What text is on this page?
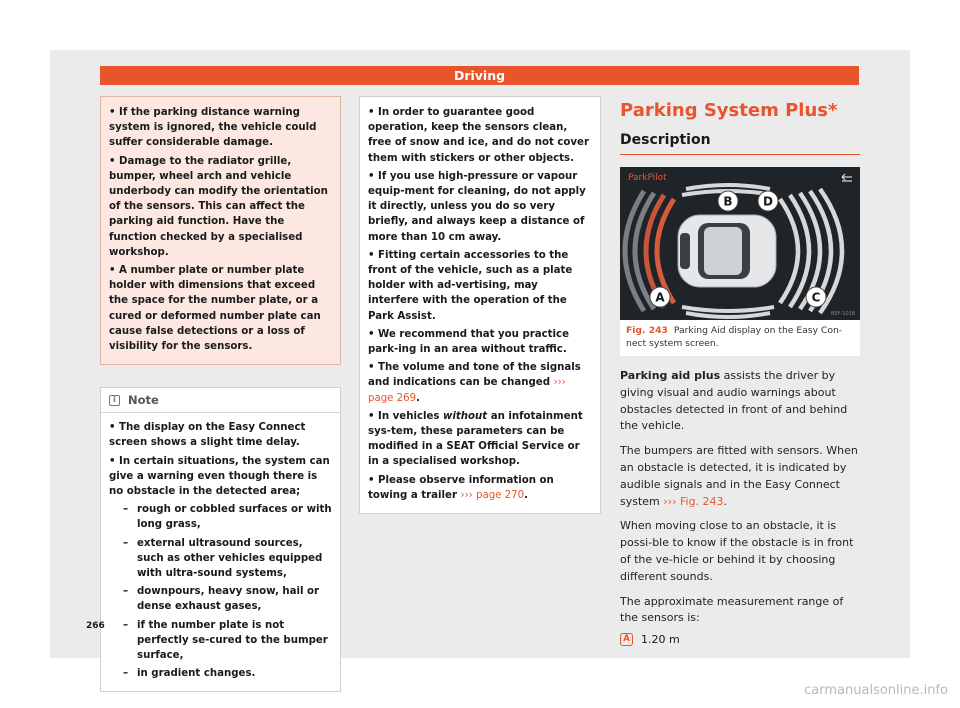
Driving

• If the parking distance warning system is ignored, the vehicle could suffer considerable damage.

• Damage to the radiator grille, bumper, wheel arch and vehicle underbody can modify the orientation of the sensors. This can affect the parking aid function. Have the function checked by a specialised workshop.

• A number plate or number plate holder with dimensions that exceed the space for the number plate, or a cured or deformed number plate can cause false detections or a loss of visibility for the sensors.

i	Note

• The display on the Easy Connect screen shows a slight time delay.

• In certain situations, the system can give a warning even though there is no obstacle in the detected area;

– rough or cobbled surfaces or with long grass,

– external ultrasound sources, such as other vehicles equipped with ultra-sound systems,

– downpours, heavy snow, hail or dense exhaust gases,

– if the number plate is not perfectly se-cured to the bumper surface,

– in gradient changes.

• In order to guarantee good operation, keep the sensors clean, free of snow and ice, and do not cover them with stickers or other objects.

• If you use high-pressure or vapour equip-ment for cleaning, do not apply it directly, unless you do so very briefly, and always keep a distance of more than 10 cm away.

• Fitting certain accessories to the front of the vehicle, such as a plate holder with ad-vertising, may interfere with the operation of the Park Assist.

• We recommend that you practice park-ing in an area without traffic.

• The volume and tone of the signals and indications can be changed ››› page 269.

• In vehicles without an infotainment sys-tem, these parameters can be modified in a SEAT Official Service or in a specialised workshop.

• Please observe information on towing a trailer ››› page 270.

Parking System Plus*
Description
ParkPilot
B	D
A	C
B5F-1018
Fig. 243 Parking Aid display on the Easy Con-nect system screen.

Parking aid plus assists the driver by giving visual and audio warnings about obstacles detected in front of and behind the vehicle.

The bumpers are fitted with sensors. When an obstacle is detected, it is indicated by audible signals and in the Easy Connect system ››› Fig. 243.

When moving close to an obstacle, it is possi-ble to know if the obstacle is in front of the ve-hicle or behind it by choosing different sounds.

The approximate measurement range of the sensors is:

A 1.20 m
266
carmanualsonline.info
